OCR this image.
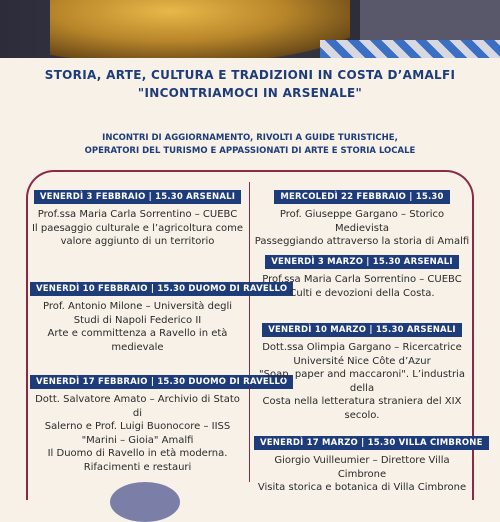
STORIA, ARTE, CULTURA E TRADIZIONI IN COSTA D’AMALFI
"INCONTRIAMOCI IN ARSENALE"
INCONTRI DI AGGIORNAMENTO, RIVOLTI A GUIDE TURISTICHE,
OPERATORI DEL TURISMO E APPASSIONATI DI ARTE E STORIA LOCALE
VENERDÌ 3 FEBBRAIO | 15.30 ARSENALI
Prof.ssa Maria Carla Sorrentino – CUEBC
Il paesaggio culturale e l’agricoltura come
valore aggiunto di un territorio
VENERDÌ 10 FEBBRAIO | 15.30 DUOMO DI RAVELLO
Prof. Antonio Milone – Università degli
Studi di Napoli Federico II
Arte e committenza a Ravello in età
medievale
VENERDÌ 17 FEBBRAIO | 15.30 DUOMO DI RAVELLO
Dott. Salvatore Amato – Archivio di Stato di
Salerno e Prof. Luigi Buonocore – IISS
"Marini – Gioia" Amalfi
Il Duomo di Ravello in età moderna.
Rifacimenti e restauri
MERCOLEDÌ 22 FEBBRAIO | 15.30
Prof. Giuseppe Gargano – Storico Medievista
Passeggiando attraverso la storia di Amalfi
VENERDÌ 3 MARZO | 15.30 ARSENALI
Prof.ssa Maria Carla Sorrentino – CUEBC
Culti e devozioni della Costa.
VENERDÌ 10 MARZO | 15.30 ARSENALI
Dott.ssa Olimpia Gargano – Ricercatrice
Université Nice Côte d’Azur
"Soap, paper and maccaroni". L’industria della
Costa nella letteratura straniera del XIX
secolo.
VENERDÌ 17 MARZO | 15.30 VILLA CIMBRONE
Giorgio Vuilleumier – Direttore Villa Cimbrone
Visita storica e botanica di Villa Cimbrone
